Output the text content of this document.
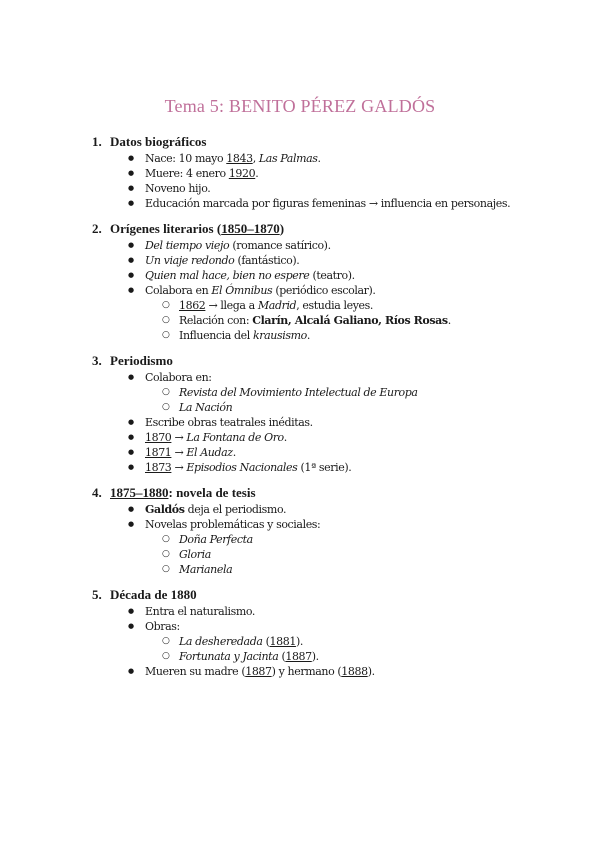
Tema 5: BENITO PÉREZ GALDÓS
1. Datos biográficos
● Nace: 10 mayo 1843, Las Palmas.
● Muere: 4 enero 1920.
● Noveno hijo.
● Educación marcada por figuras femeninas → influencia en personajes.
2. Orígenes literarios (1850–1870)
● Del tiempo viejo (romance satírico).
● Un viaje redondo (fantástico).
● Quien mal hace, bien no espere (teatro).
● Colabora en El Ómnibus (periódico escolar).
○ 1862 → llega a Madrid, estudia leyes.
○ Relación con: Clarín, Alcalá Galiano, Ríos Rosas.
○ Influencia del krausismo.
3. Periodismo
● Colabora en:
○ Revista del Movimiento Intelectual de Europa
○ La Nación
● Escribe obras teatrales inéditas.
● 1870 → La Fontana de Oro.
● 1871 → El Audaz.
● 1873 → Episodios Nacionales (1ª serie).
4. 1875–1880: novela de tesis
● Galdós deja el periodismo.
● Novelas problemáticas y sociales:
○ Doña Perfecta
○ Gloria
○ Marianela
5. Década de 1880
● Entra el naturalismo.
● Obras:
○ La desheredada (1881).
○ Fortunata y Jacinta (1887).
● Mueren su madre (1887) y hermano (1888).
